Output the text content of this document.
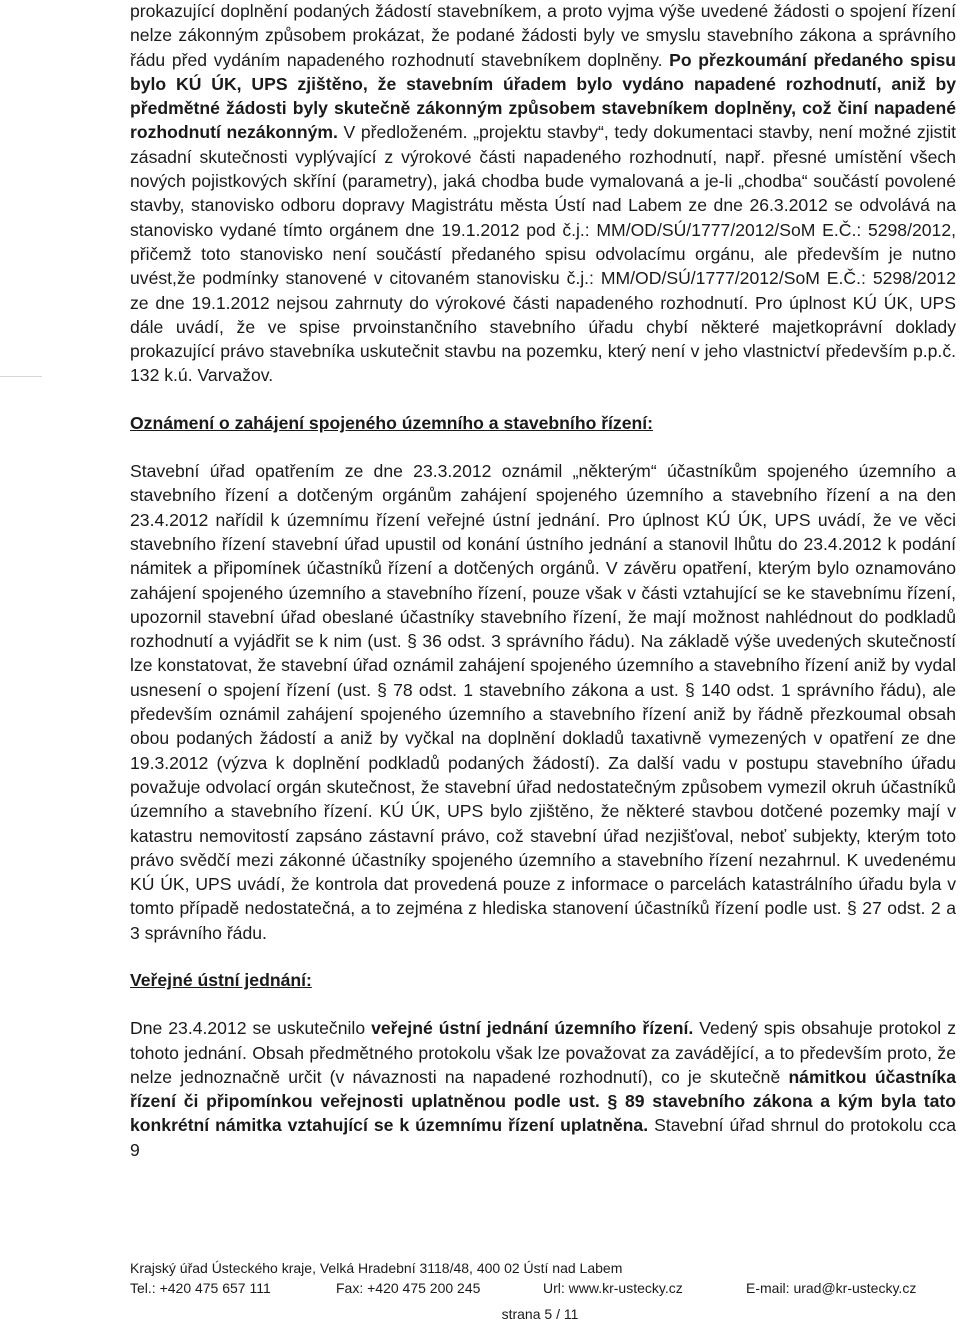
prokazující doplnění podaných žádostí stavebníkem, a proto vyjma výše uvedené žádosti o spojení řízení nelze zákonným způsobem prokázat, že podané žádosti byly ve smyslu stavebního zákona a správního řádu před vydáním napadeného rozhodnutí stavebníkem doplněny. Po přezkoumání předaného spisu bylo KÚ ÚK, UPS zjištěno, že stavebním úřadem bylo vydáno napadené rozhodnutí, aniž by předmětné žádosti byly skutečně zákonným způsobem stavebníkem doplněny, což činí napadené rozhodnutí nezákonným. V předloženém. „projektu stavby“, tedy dokumentaci stavby, není možné zjistit zásadní skutečnosti vyplývající z výrokové části napadeného rozhodnutí, např. přesné umístění všech nových pojistkových skříní (parametry), jaká chodba bude vymalovaná a je-li „chodba“ součástí povolené stavby, stanovisko odboru dopravy Magistrátu města Ústí nad Labem ze dne 26.3.2012 se odvolává na stanovisko vydané tímto orgánem dne 19.1.2012 pod č.j.: MM/OD/SÚ/1777/2012/SoM E.Č.: 5298/2012, přičemž toto stanovisko není součástí předaného spisu odvolacímu orgánu, ale především je nutno uvést,že podmínky stanovené v citovaném stanovisku č.j.: MM/OD/SÚ/1777/2012/SoM E.Č.: 5298/2012 ze dne 19.1.2012 nejsou zahrnuty do výrokové části napadeného rozhodnutí. Pro úplnost KÚ ÚK, UPS dále uvádí, že ve spise prvoinstančního stavebního úřadu chybí některé majetkoprávní doklady prokazující právo stavebníka uskutečnit stavbu na pozemku, který není v jeho vlastnictví především p.p.č. 132 k.ú. Varvažov.

Oznámení o zahájení spojeného územního a stavebního řízení:

Stavební úřad opatřením ze dne 23.3.2012 oznámil „některým“ účastníkům spojeného územního a stavebního řízení a dotčeným orgánům zahájení spojeného územního a stavebního řízení a na den 23.4.2012 nařídil k územnímu řízení veřejné ústní jednání. Pro úplnost KÚ ÚK, UPS uvádí, že ve věci stavebního řízení stavební úřad upustil od konání ústního jednání a stanovil lhůtu do 23.4.2012 k podání námitek a připomínek účastníků řízení a dotčených orgánů. V závěru opatření, kterým bylo oznamováno zahájení spojeného územního a stavebního řízení, pouze však v části vztahující se ke stavebnímu řízení, upozornil stavební úřad obeslané účastníky stavebního řízení, že mají možnost nahlédnout do podkladů rozhodnutí a vyjádřit se k nim (ust. § 36 odst. 3 správního řádu). Na základě výše uvedených skutečností lze konstatovat, že stavební úřad oznámil zahájení spojeného územního a stavebního řízení aniž by vydal usnesení o spojení řízení (ust. § 78 odst. 1 stavebního zákona a ust. § 140 odst. 1 správního řádu), ale především oznámil zahájení spojeného územního a stavebního řízení aniž by řádně přezkoumal obsah obou podaných žádostí a aniž by vyčkal na doplnění dokladů taxativně vymezených v opatření ze dne 19.3.2012 (výzva k doplnění podkladů podaných žádostí). Za další vadu v postupu stavebního úřadu považuje odvolací orgán skutečnost, že stavební úřad nedostatečným způsobem vymezil okruh účastníků územního a stavebního řízení. KÚ ÚK, UPS bylo zjištěno, že některé stavbou dotčené pozemky mají v katastru nemovitostí zapsáno zástavní právo, což stavební úřad nezjišťoval, neboť subjekty, kterým toto právo svědčí mezi zákonné účastníky spojeného územního a stavebního řízení nezahrnul. K uvedenému KÚ ÚK, UPS uvádí, že kontrola dat provedená pouze z informace o parcelách katastrálního úřadu byla v tomto případě nedostatečná, a to zejména z hlediska stanovení účastníků řízení podle ust. § 27 odst. 2 a 3 správního řádu.

Veřejné ústní jednání:

Dne 23.4.2012 se uskutečnilo veřejné ústní jednání územního řízení. Vedený spis obsahuje protokol z tohoto jednání. Obsah předmětného protokolu však lze považovat za zavádějící, a to především proto, že nelze jednoznačně určit (v návaznosti na napadené rozhodnutí), co je skutečně námitkou účastníka řízení či připomínkou veřejnosti uplatněnou podle ust. § 89 stavebního zákona a kým byla tato konkrétní námitka vztahující se k územnímu řízení uplatněna. Stavební úřad shrnul do protokolu cca 9

Krajský úřad Ústeckého kraje, Velká Hradební 3118/48, 400 02 Ústí nad Labem
Tel.: +420 475 657 111	Fax: +420 475 200 245	Url: www.kr-ustecky.cz	E-mail: urad@kr-ustecky.cz
strana 5 / 11
